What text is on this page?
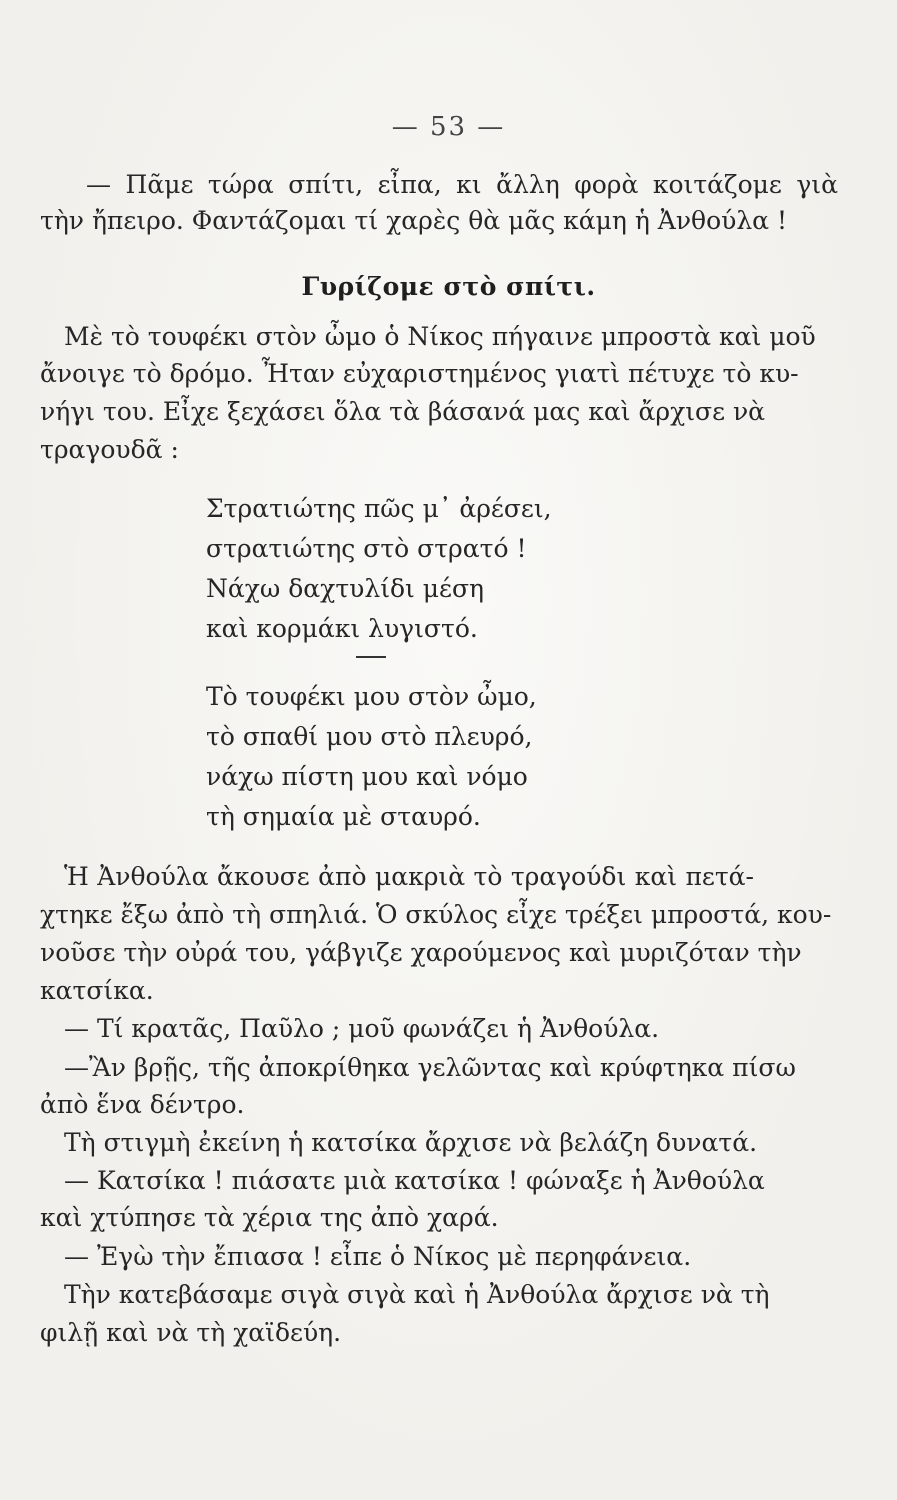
— 53 —
— Πᾶμε τώρα σπίτι, εἶπα, κι ἄλλη φορὰ κοιτάζομε γιὰ
τὴν ἤπειρο. Φαντάζομαι τί χαρὲς θὰ μᾶς κάμη ἡ Ἀνθούλα !
Γυρίζομε στὸ σπίτι.
Μὲ τὸ τουφέκι στὸν ὦμο ὁ Νίκος πήγαινε μπροστὰ καὶ μοῦ
ἄνοιγε τὸ δρόμο. Ἦταν εὐχαριστημένος γιατὶ πέτυχε τὸ κυ-
νήγι του. Εἶχε ξεχάσει ὅλα τὰ βάσανά μας καὶ ἄρχισε νὰ
τραγουδᾶ :
Στρατιώτης πῶς μ᾽ ἀρέσει,
στρατιώτης στὸ στρατό !
Νάχω δαχτυλίδι μέση
καὶ κορμάκι λυγιστό.
Τὸ τουφέκι μου στὸν ὦμο,
τὸ σπαθί μου στὸ πλευρό,
νάχω πίστη μου καὶ νόμο
τὴ σημαία μὲ σταυρό.
Ἡ Ἀνθούλα ἄκουσε ἀπὸ μακριὰ τὸ τραγούδι καὶ πετά-
χτηκε ἔξω ἀπὸ τὴ σπηλιά. Ὁ σκύλος εἶχε τρέξει μπροστά, κου-
νοῦσε τὴν οὐρά του, γάβγιζε χαρούμενος καὶ μυριζόταν τὴν
κατσίκα.
— Τί κρατᾶς, Παῦλο ; μοῦ φωνάζει ἡ Ἀνθούλα.
—Ἂν βρῇς, τῆς ἀποκρίθηκα γελῶντας καὶ κρύφτηκα πίσω
ἀπὸ ἕνα δέντρο.
Τὴ στιγμὴ ἐκείνη ἡ κατσίκα ἄρχισε νὰ βελάζη δυνατά.
— Κατσίκα ! πιάσατε μιὰ κατσίκα ! φώναξε ἡ Ἀνθούλα
καὶ χτύπησε τὰ χέρια της ἀπὸ χαρά.
— Ἐγὼ τὴν ἔπιασα ! εἶπε ὁ Νίκος μὲ περηφάνεια.
Τὴν κατεβάσαμε σιγὰ σιγὰ καὶ ἡ Ἀνθούλα ἄρχισε νὰ τὴ
φιλῇ καὶ νὰ τὴ χαϊδεύη.
